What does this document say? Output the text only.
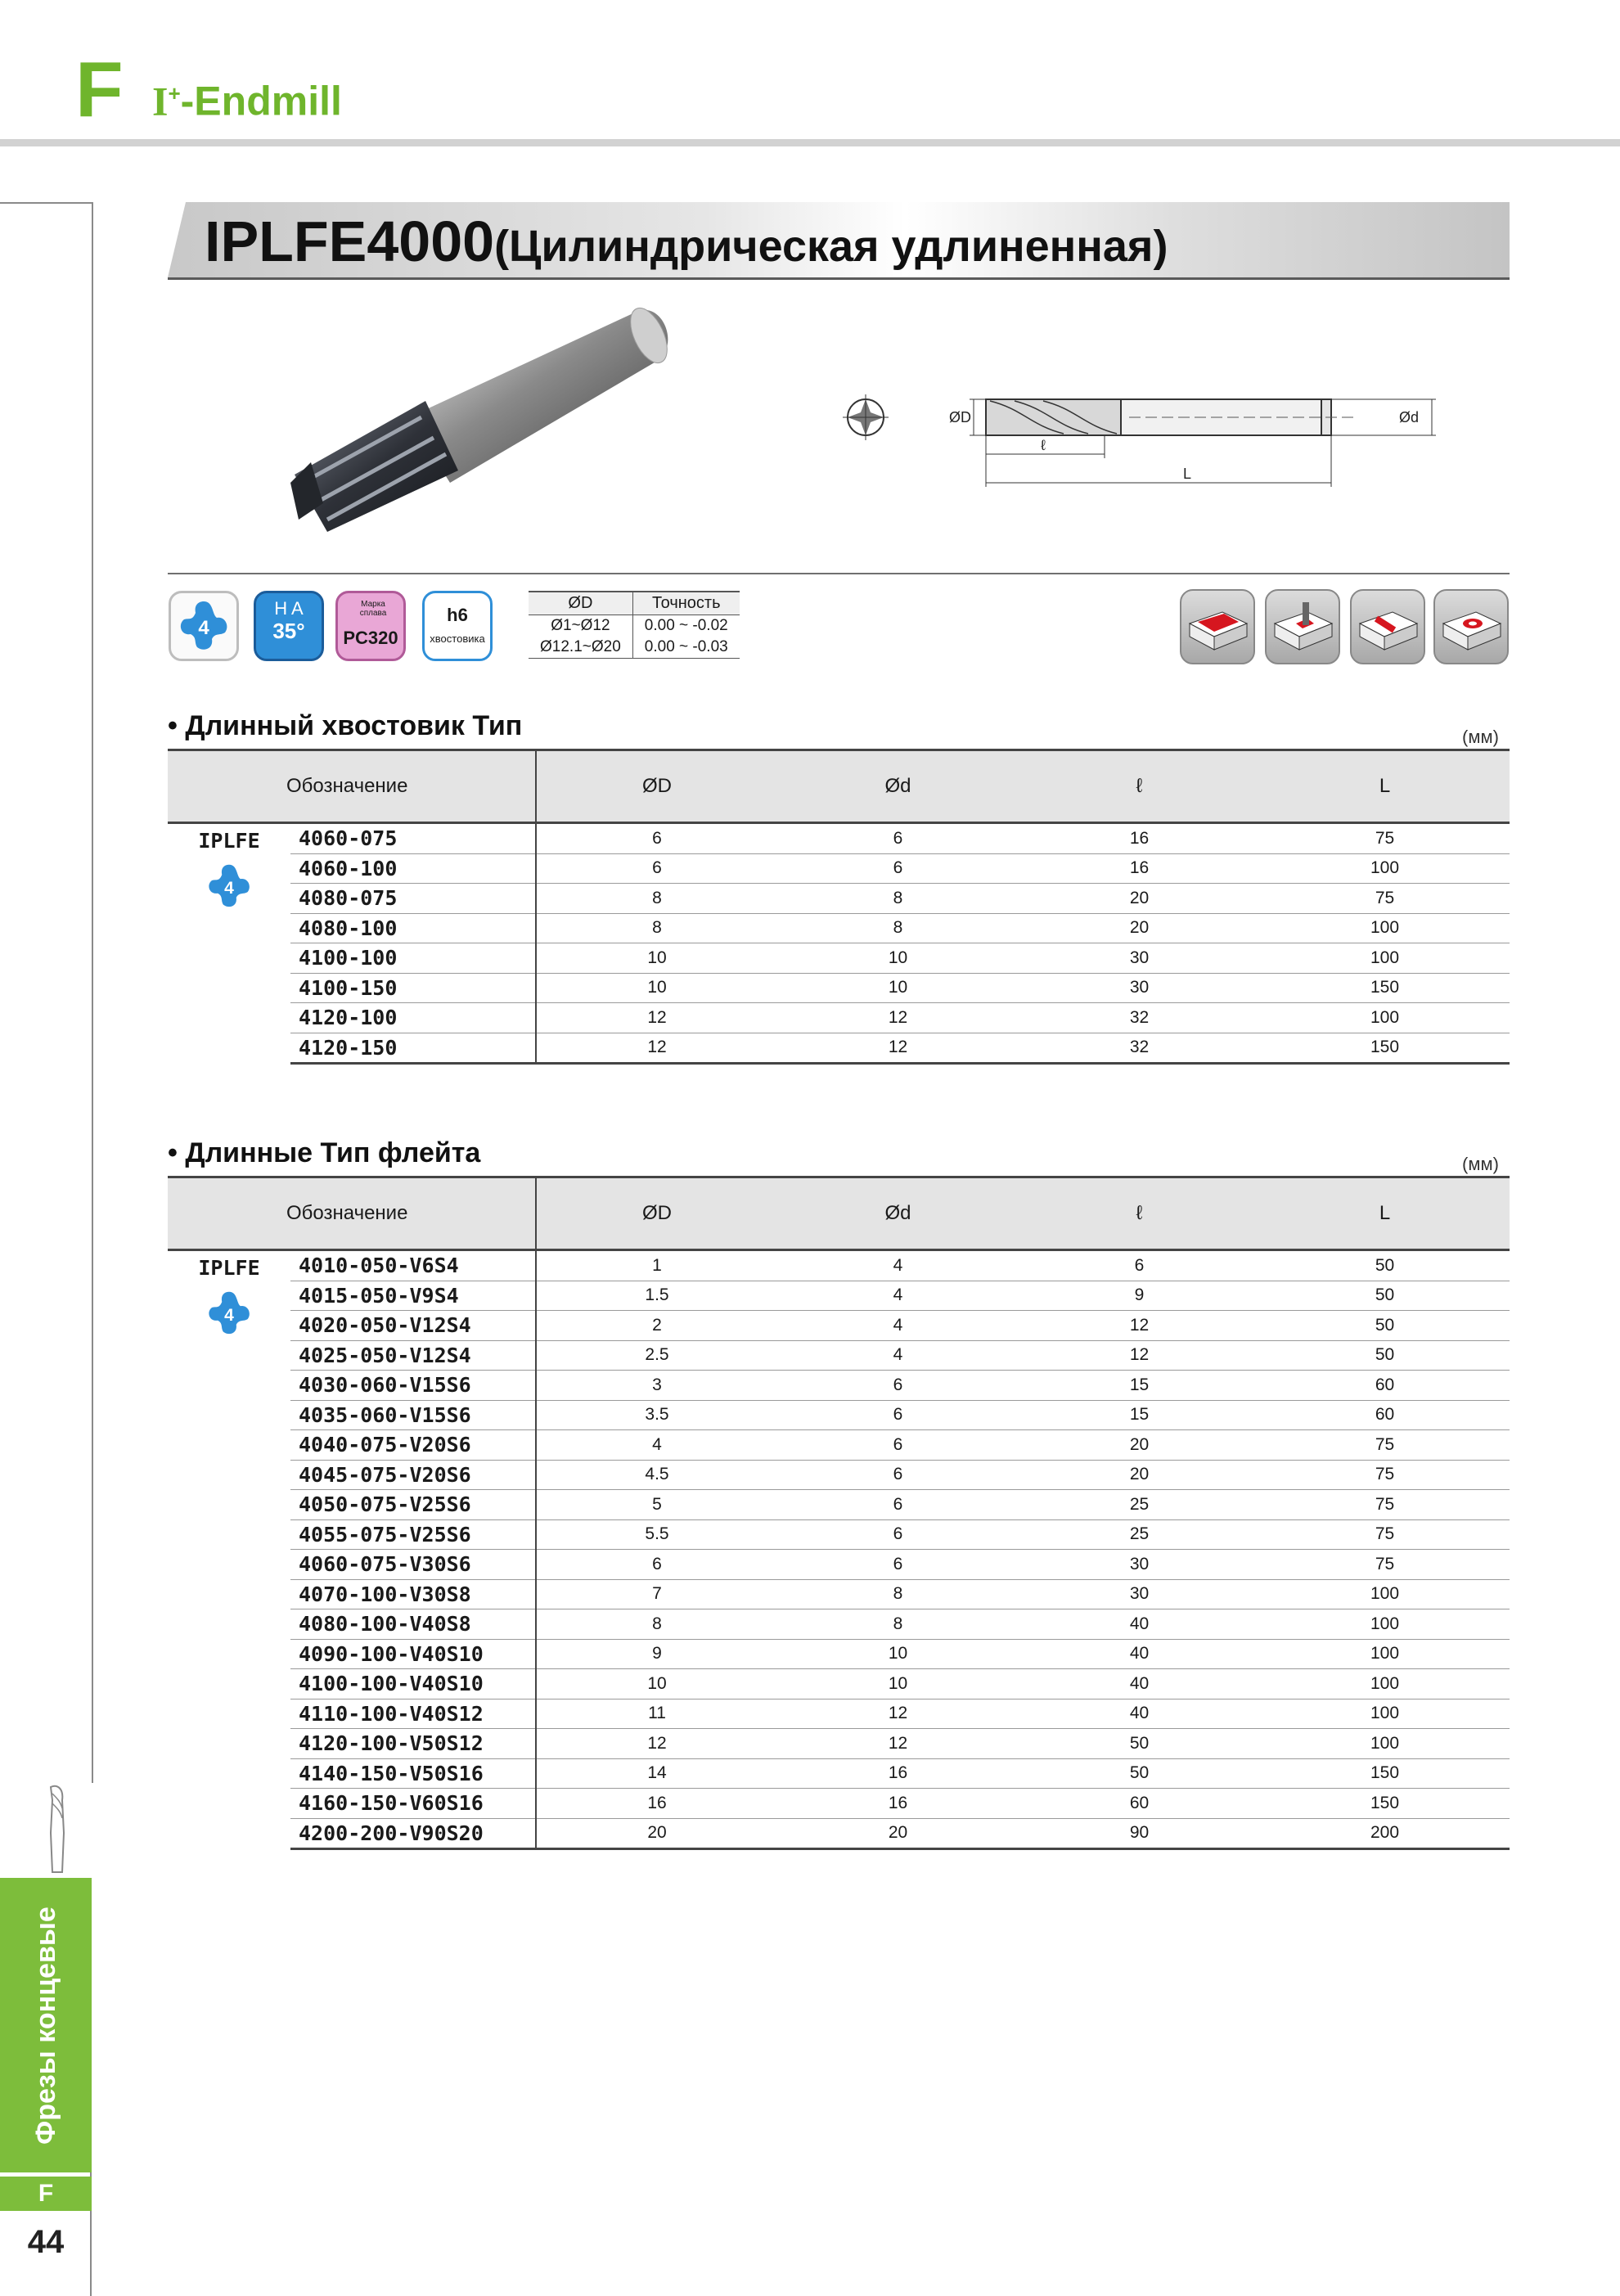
F I+-Endmill
Фрезы концевые
F
44
IPLFE4000(Цилиндрическая удлиненная)
ØD	Ød
ℓ
L
4
H A
35°
Марка сплава
PC320
h6
хвостовика
ØD	Точность
Ø1~Ø12	0.00 ~ -0.02
Ø12.1~Ø20	0.00 ~ -0.03
• Длинный хвостовик Тип	(мм)
Обозначение		ØD	Ød	ℓ	L

IPLFE
4	4060-075	6	6	16	75
	4060-100	6	6	16	100
	4080-075	8	8	20	75
	4080-100	8	8	20	100
	4100-100	10	10	30	100
	4100-150	10	10	30	150
	4120-100	12	12	32	100
	4120-150	12	12	32	150
• Длинные Тип флейта	(мм)
Обозначение		ØD	Ød	ℓ	L

IPLFE
4	4010-050-V6S4	1	4	6	50
	4015-050-V9S4	1.5	4	9	50
	4020-050-V12S4	2	4	12	50
	4025-050-V12S4	2.5	4	12	50
	4030-060-V15S6	3	6	15	60
	4035-060-V15S6	3.5	6	15	60
	4040-075-V20S6	4	6	20	75
	4045-075-V20S6	4.5	6	20	75
	4050-075-V25S6	5	6	25	75
	4055-075-V25S6	5.5	6	25	75
	4060-075-V30S6	6	6	30	75
	4070-100-V30S8	7	8	30	100
	4080-100-V40S8	8	8	40	100
	4090-100-V40S10	9	10	40	100
	4100-100-V40S10	10	10	40	100
	4110-100-V40S12	11	12	40	100
	4120-100-V50S12	12	12	50	100
	4140-150-V50S16	14	16	50	150
	4160-150-V60S16	16	16	60	150
	4200-200-V90S20	20	20	90	200
